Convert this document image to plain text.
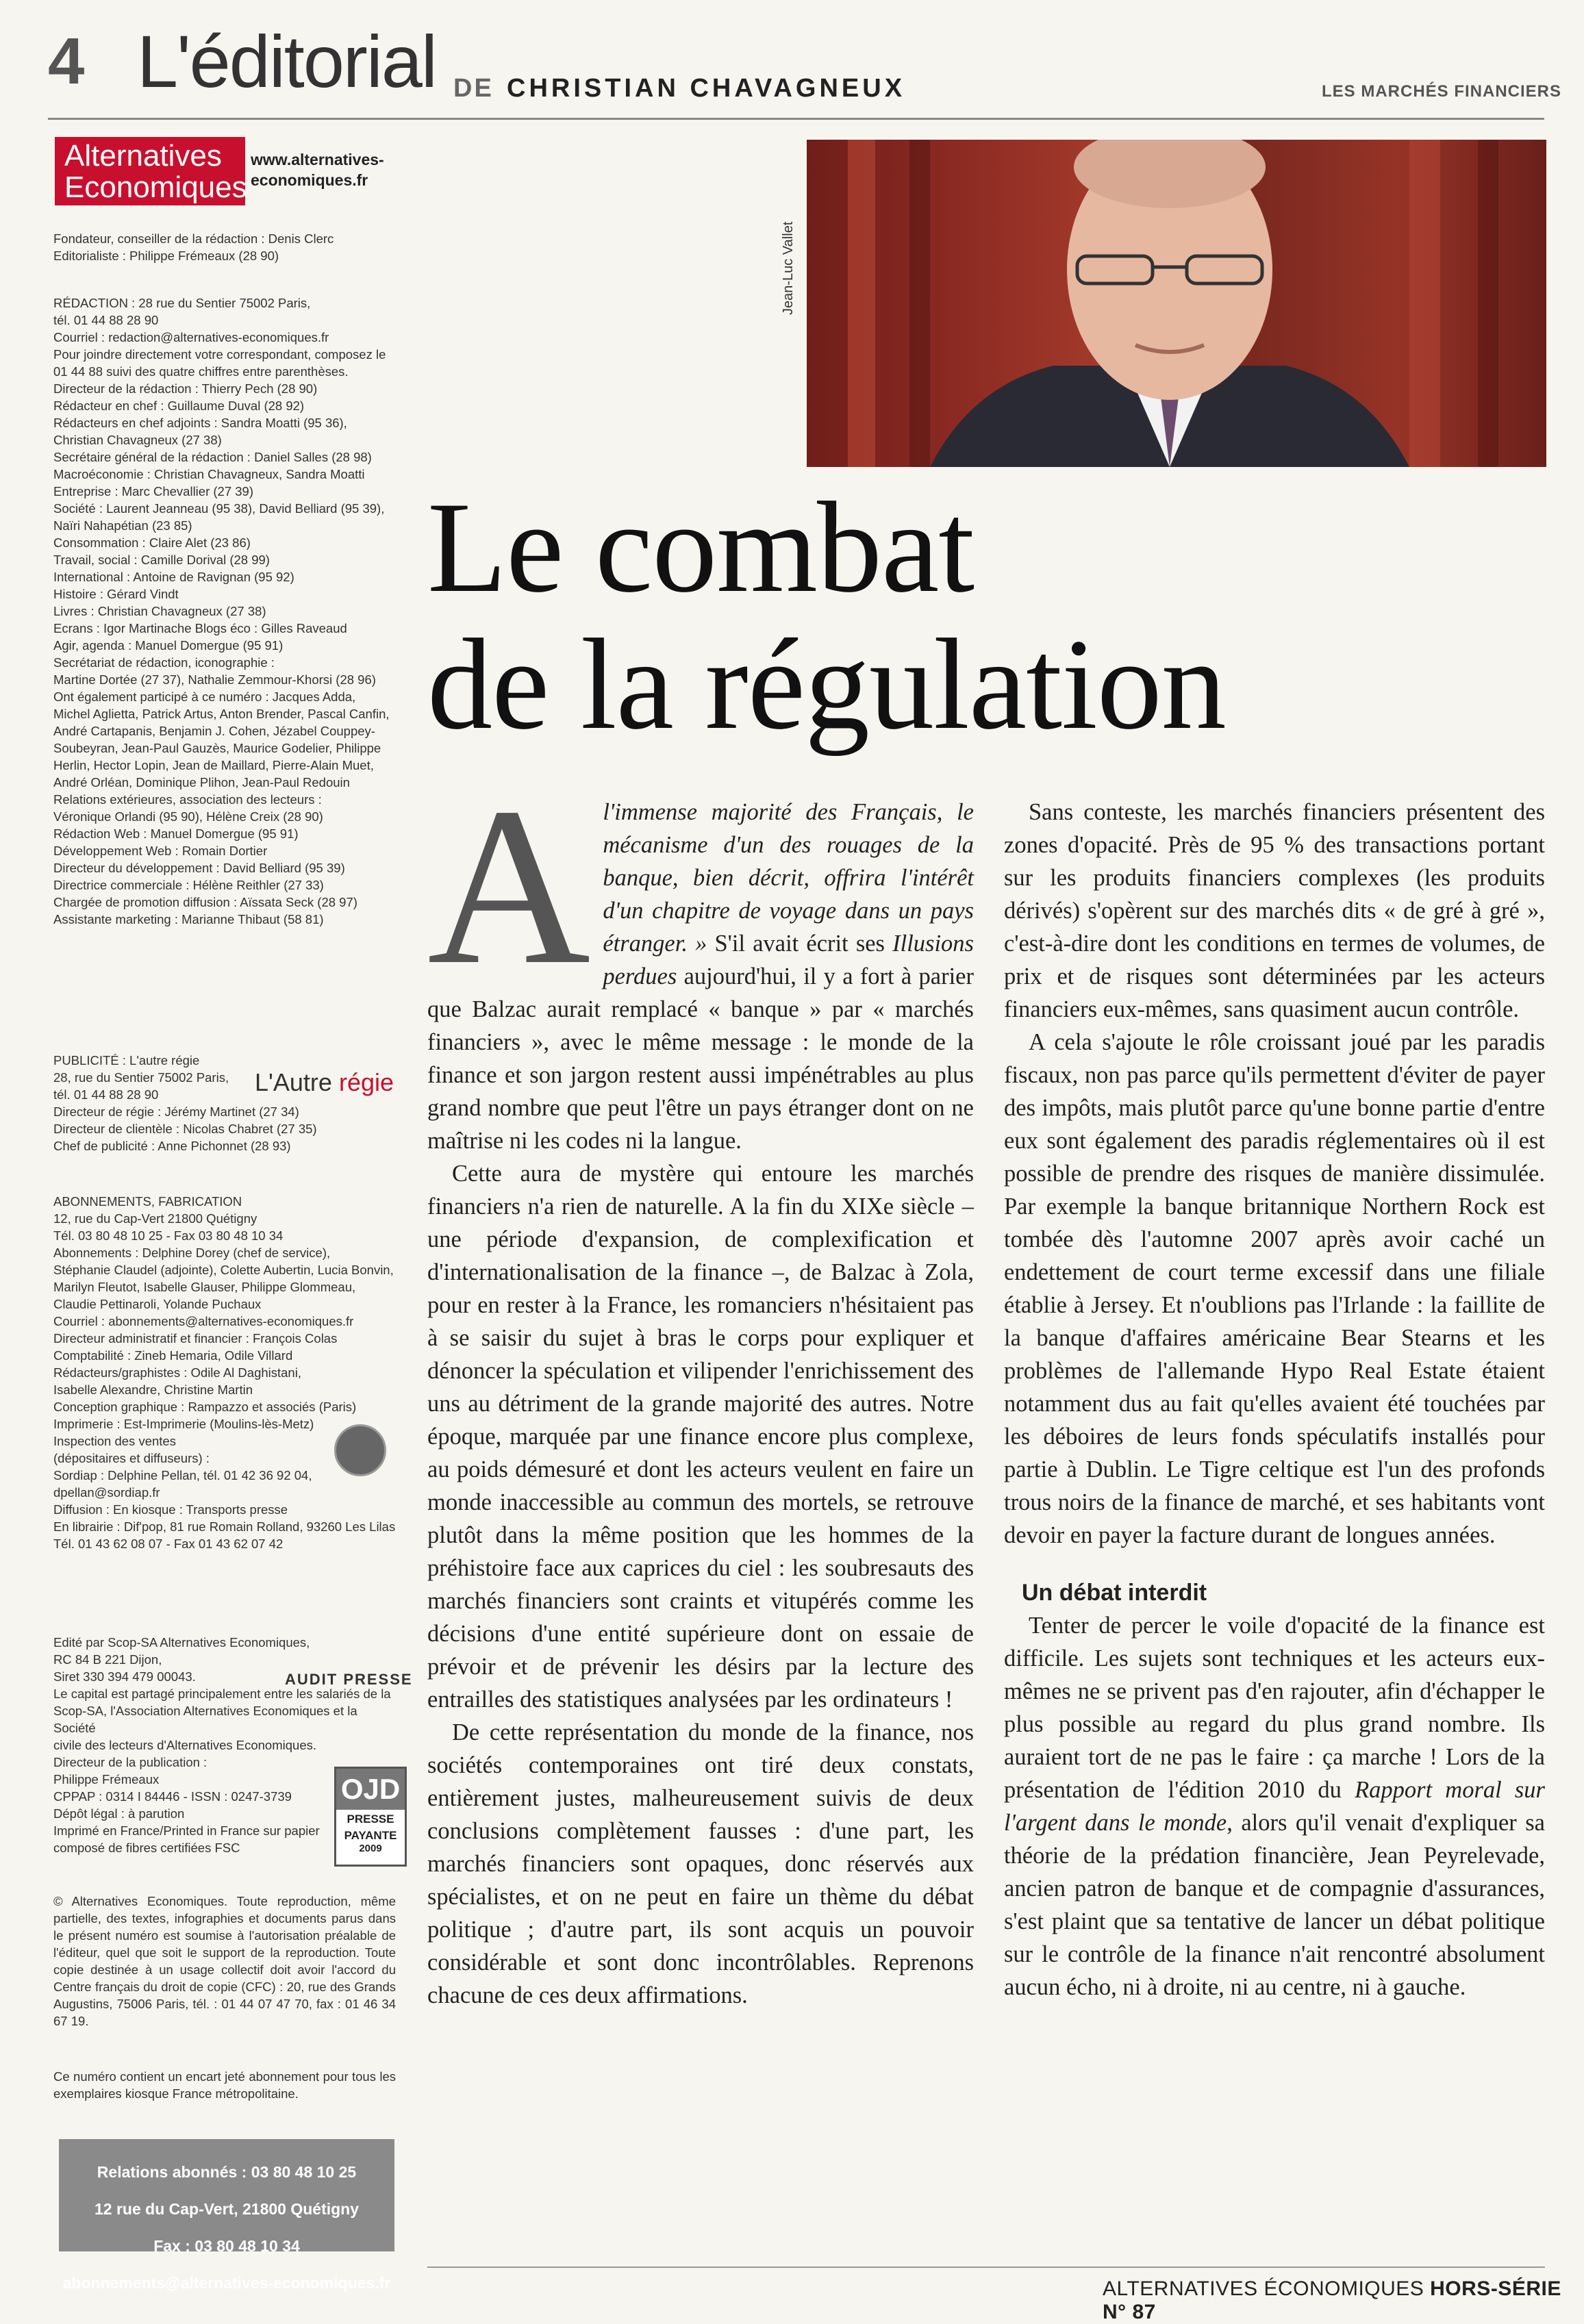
4 L'éditorial DE CHRISTIAN CHAVAGNEUX	LES MARCHÉS FINANCIERS
Alternatives
Economiques
www.alternatives-
economiques.fr

Fondateur, conseiller de la rédaction : Denis Clerc

Editorialiste : Philippe Frémeaux (28 90)

RÉDACTION : 28 rue du Sentier 75002 Paris,

tél. 01 44 88 28 90

Courriel : redaction@alternatives-economiques.fr

Pour joindre directement votre correspondant, composez le

01 44 88 suivi des quatre chiffres entre parenthèses.

Directeur de la rédaction : Thierry Pech (28 90)

Rédacteur en chef : Guillaume Duval (28 92)

Rédacteurs en chef adjoints : Sandra Moatti (95 36),

Christian Chavagneux (27 38)

Secrétaire général de la rédaction : Daniel Salles (28 98)

Macroéconomie : Christian Chavagneux, Sandra Moatti

Entreprise : Marc Chevallier (27 39)

Société : Laurent Jeanneau (95 38), David Belliard (95 39),

Naïri Nahapétian (23 85)

Consommation : Claire Alet (23 86)

Travail, social : Camille Dorival (28 99)

International : Antoine de Ravignan (95 92)

Histoire : Gérard Vindt

Livres : Christian Chavagneux (27 38)

Ecrans : Igor Martinache Blogs éco : Gilles Raveaud

Agir, agenda : Manuel Domergue (95 91)

Secrétariat de rédaction, iconographie :

Martine Dortée (27 37), Nathalie Zemmour-Khorsi (28 96)

Ont également participé à ce numéro : Jacques Adda,

Michel Aglietta, Patrick Artus, Anton Brender, Pascal Canfin,

André Cartapanis, Benjamin J. Cohen, Jézabel Couppey-

Soubeyran, Jean-Paul Gauzès, Maurice Godelier, Philippe

Herlin, Hector Lopin, Jean de Maillard, Pierre-Alain Muet,

André Orléan, Dominique Plihon, Jean-Paul Redouin

Relations extérieures, association des lecteurs :

Véronique Orlandi (95 90), Hélène Creix (28 90)

Rédaction Web : Manuel Domergue (95 91)

Développement Web : Romain Dortier

Directeur du développement : David Belliard (95 39)

Directrice commerciale : Hélène Reithler (27 33)

Chargée de promotion diffusion : Aïssata Seck (28 97)

Assistante marketing : Marianne Thibaut (58 81)

PUBLICITÉ : L'autre régie

28, rue du Sentier 75002 Paris,

tél. 01 44 88 28 90

Directeur de régie : Jérémy Martinet (27 34)

Directeur de clientèle : Nicolas Chabret (27 35)

Chef de publicité : Anne Pichonnet (28 93)

L'Autre régie

ABONNEMENTS, FABRICATION

12, rue du Cap-Vert 21800 Quétigny

Tél. 03 80 48 10 25 - Fax 03 80 48 10 34

Abonnements : Delphine Dorey (chef de service),

Stéphanie Claudel (adjointe), Colette Aubertin, Lucia Bonvin,

Marilyn Fleutot, Isabelle Glauser, Philippe Glommeau,

Claudie Pettinaroli, Yolande Puchaux

Courriel : abonnements@alternatives-economiques.fr

Directeur administratif et financier : François Colas

Comptabilité : Zineb Hemaria, Odile Villard

Rédacteurs/graphistes : Odile Al Daghistani,

Isabelle Alexandre, Christine Martin

Conception graphique : Rampazzo et associés (Paris)

Imprimerie : Est-Imprimerie (Moulins-lès-Metz)

Inspection des ventes

(dépositaires et diffuseurs) :

Sordiap : Delphine Pellan, tél. 01 42 36 92 04,

dpellan@sordiap.fr

Diffusion : En kiosque : Transports presse

En librairie : Dif'pop, 81 rue Romain Rolland, 93260 Les Lilas

Tél. 01 43 62 08 07 - Fax 01 43 62 07 42

Edité par Scop-SA Alternatives Economiques,

RC 84 B 221 Dijon,

Siret 330 394 479 00043.

Le capital est partagé principalement entre les salariés de la

Scop-SA, l'Association Alternatives Economiques et la Société

civile des lecteurs d'Alternatives Economiques.

Directeur de la publication :

Philippe Frémeaux

CPPAP : 0314 I 84446 - ISSN : 0247-3739

Dépôt légal : à parution

Imprimé en France/Printed in France sur papier

composé de fibres certifiées FSC

AUDIT PRESSE
OJD
PRESSE
PAYANTE
2009
© Alternatives Economiques. Toute reproduction, même partielle, des textes, infographies et documents parus dans le présent numéro est soumise à l'autorisation préalable de l'éditeur, quel que soit le support de la reproduction. Toute copie destinée à un usage collectif doit avoir l'accord du Centre français du droit de copie (CFC) : 20, rue des Grands Augustins, 75006 Paris, tél. : 01 44 07 47 70, fax : 01 46 34 67 19.
Ce numéro contient un encart jeté abonnement pour tous les exemplaires kiosque France métropolitaine.

Relations abonnés : 03 80 48 10 25

12 rue du Cap-Vert, 21800 Quétigny

Fax : 03 80 48 10 34

abonnements@alternatives-economiques.fr

Jean-Luc Vallet
Le combat
de la régulation

Al'immense majorité des Français, le mécanisme d'un des rouages de la banque, bien décrit, offrira l'intérêt d'un chapitre de voyage dans un pays étranger. » S'il avait écrit ses Illusions perdues aujourd'hui, il y a fort à parier que Balzac aurait remplacé « banque » par « marchés financiers », avec le même message : le monde de la finance et son jargon restent aussi impénétrables au plus grand nombre que peut l'être un pays étranger dont on ne maîtrise ni les codes ni la langue.

Cette aura de mystère qui entoure les marchés financiers n'a rien de naturelle. A la fin du XIXe siècle – une période d'expansion, de complexification et d'internationalisation de la finance –, de Balzac à Zola, pour en rester à la France, les romanciers n'hésitaient pas à se saisir du sujet à bras le corps pour expliquer et dénoncer la spéculation et vilipender l'enrichissement des uns au détriment de la grande majorité des autres. Notre époque, marquée par une finance encore plus complexe, au poids démesuré et dont les acteurs veulent en faire un monde inaccessible au commun des mortels, se retrouve plutôt dans la même position que les hommes de la préhistoire face aux caprices du ciel : les soubresauts des marchés financiers sont craints et vitupérés comme les décisions d'une entité supérieure dont on essaie de prévoir et de prévenir les désirs par la lecture des entrailles des statistiques analysées par les ordinateurs !

De cette représentation du monde de la finance, nos sociétés contemporaines ont tiré deux constats, entièrement justes, malheureusement suivis de deux conclusions complètement fausses : d'une part, les marchés financiers sont opaques, donc réservés aux spécialistes, et on ne peut en faire un thème du débat politique ; d'autre part, ils sont acquis un pouvoir considérable et sont donc incontrôlables. Reprenons chacune de ces deux affirmations.

Sans conteste, les marchés financiers présentent des zones d'opacité. Près de 95 % des transactions portant sur les produits financiers complexes (les produits dérivés) s'opèrent sur des marchés dits « de gré à gré », c'est-à-dire dont les conditions en termes de volumes, de prix et de risques sont déterminées par les acteurs financiers eux-mêmes, sans quasiment aucun contrôle.

A cela s'ajoute le rôle croissant joué par les paradis fiscaux, non pas parce qu'ils permettent d'éviter de payer des impôts, mais plutôt parce qu'une bonne partie d'entre eux sont également des paradis réglementaires où il est possible de prendre des risques de manière dissimulée. Par exemple la banque britannique Northern Rock est tombée dès l'automne 2007 après avoir caché un endettement de court terme excessif dans une filiale établie à Jersey. Et n'oublions pas l'Irlande : la faillite de la banque d'affaires américaine Bear Stearns et les problèmes de l'allemande Hypo Real Estate étaient notamment dus au fait qu'elles avaient été touchées par les déboires de leurs fonds spéculatifs installés pour partie à Dublin. Le Tigre celtique est l'un des profonds trous noirs de la finance de marché, et ses habitants vont devoir en payer la facture durant de longues années.

Un débat interdit

Tenter de percer le voile d'opacité de la finance est difficile. Les sujets sont techniques et les acteurs eux-mêmes ne se privent pas d'en rajouter, afin d'échapper le plus possible au regard du plus grand nombre. Ils auraient tort de ne pas le faire : ça marche ! Lors de la présentation de l'édition 2010 du Rapport moral sur l'argent dans le monde, alors qu'il venait d'expliquer sa théorie de la prédation financière, Jean Peyrelevade, ancien patron de banque et de compagnie d'assurances, s'est plaint que sa tentative de lancer un débat politique sur le contrôle de la finance n'ait rencontré absolument aucun écho, ni à droite, ni au centre, ni à gauche.

ALTERNATIVES ÉCONOMIQUES HORS-SÉRIE N° 87
